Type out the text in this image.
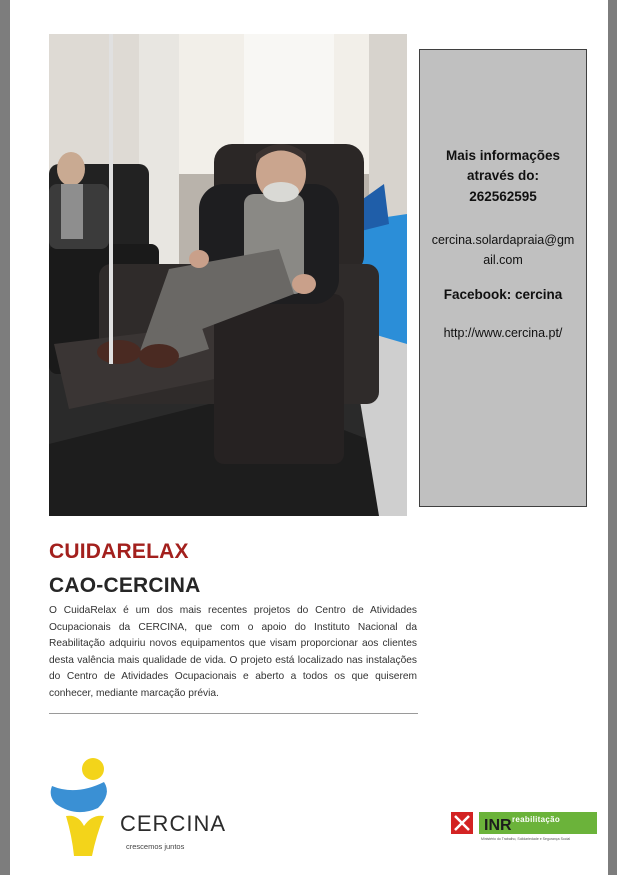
Mais informações
através do:
262562595
cercina.solardapraia@gmail.com
Facebook: cercina
http://www.cercina.pt/
CUIDARELAX
CAO-CERCINA
O CuidaRelax é um dos mais recentes projetos do Centro de Atividades Ocupacionais da CERCINA, que com o apoio do Instituto Nacional da Reabilitação adquiriu novos equipamentos que visam proporcionar aos clientes desta valência mais qualidade de vida. O projeto está localizado nas instalações do Centro de Atividades Ocupacionais e aberto a todos os que quiserem conhecer, mediante marcação prévia.
CERCINA
crescemos juntos
INR reabilitação
Ministério do Trabalho, Solidariedade e Segurança Social
